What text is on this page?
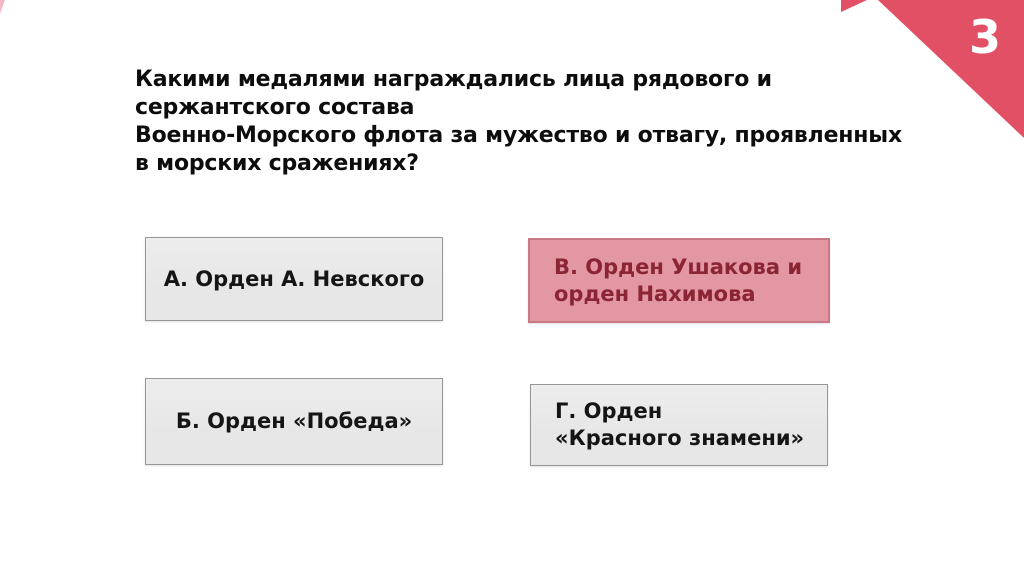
3
Какими медалями награждались лица рядового и
сержантского состава
Военно-Морского флота за мужество и отвагу, проявленных
в морских сражениях?
А. Орден А. Невского	В. Орден Ушакова и
орден Нахимова
Б. Орден «Победа»	Г. Орден
«Красного знамени»
